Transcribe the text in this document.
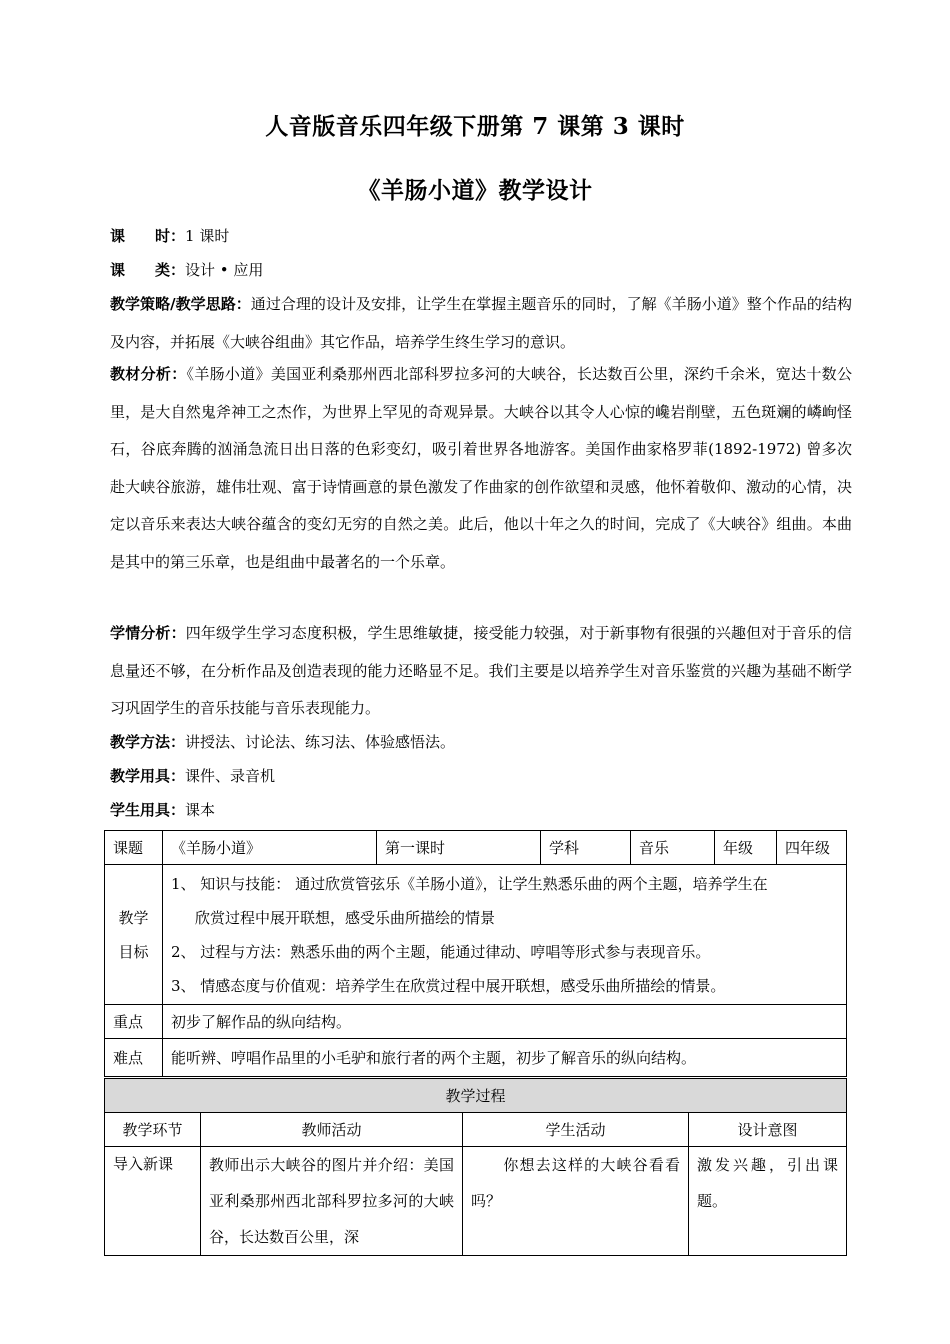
人音版音乐四年级下册第 7 课第 3 课时
《羊肠小道》教学设计
课　　时：1 课时
课　　类：设计 • 应用
教学策略/教学思路：通过合理的设计及安排，让学生在掌握主题音乐的同时，了解《羊肠小道》整个作品的结构及内容，并拓展《大峡谷组曲》其它作品，培养学生终生学习的意识。
教材分析：《羊肠小道》美国亚利桑那州西北部科罗拉多河的大峡谷，长达数百公里，深约千余米，宽达十数公里，是大自然鬼斧神工之杰作，为世界上罕见的奇观异景。大峡谷以其令人心惊的巉岩削壁，五色斑斓的嶙峋怪石，谷底奔腾的汹涌急流日出日落的色彩变幻，吸引着世界各地游客。美国作曲家格罗菲(1892-1972) 曾多次赴大峡谷旅游，雄伟壮观、富于诗情画意的景色激发了作曲家的创作欲望和灵感，他怀着敬仰、激动的心情，决定以音乐来表达大峡谷蕴含的变幻无穷的自然之美。此后，他以十年之久的时间，完成了《大峡谷》组曲。本曲是其中的第三乐章，也是组曲中最著名的一个乐章。
学情分析：四年级学生学习态度积极，学生思维敏捷，接受能力较强，对于新事物有很强的兴趣但对于音乐的信息量还不够，在分析作品及创造表现的能力还略显不足。我们主要是以培养学生对音乐鉴赏的兴趣为基础不断学习巩固学生的音乐技能与音乐表现能力。
教学方法：讲授法、讨论法、练习法、体验感悟法。
教学用具：课件、录音机
学生用具：课本
课题	《羊肠小道》	第一课时	学科	音乐	年级	四年级
教学目标	1、 知识与技能： 通过欣赏管弦乐《羊肠小道》，让学生熟悉乐曲的两个主题，培养学生在
欣赏过程中展开联想，感受乐曲所描绘的情景
2、 过程与方法：熟悉乐曲的两个主题，能通过律动、哼唱等形式参与表现音乐。
3、 情感态度与价值观：培养学生在欣赏过程中展开联想，感受乐曲所描绘的情景。					

重点	初步了解作品的纵向结构。					
难点	能听辨、哼唱作品里的小毛驴和旅行者的两个主题，初步了解音乐的纵向结构。					
教学过程			
教学环节	教师活动	学生活动	设计意图
导入新课	教师出示大峡谷的图片并介绍：美国亚利桑那州西北部科罗拉多河的大峡谷，长达数百公里，深	　　你想去这样的大峡谷看看吗？	激发兴趣，引出课题。
